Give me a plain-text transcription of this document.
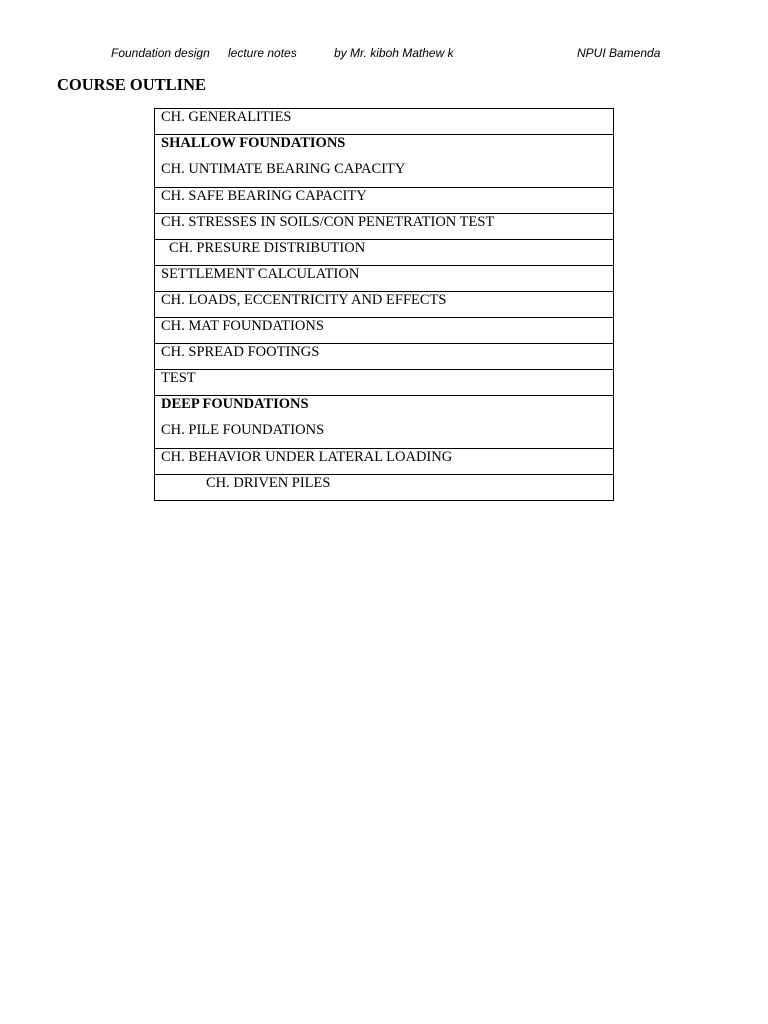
Foundation design lecture notes	by Mr. kiboh Mathew k	NPUI Bamenda
COURSE OUTLINE
CH. GENERALITIES

SHALLOW FOUNDATIONS
CH. UNTIMATE BEARING CAPACITY

CH. SAFE BEARING CAPACITY
CH. STRESSES IN SOILS/CON PENETRATION TEST
CH. PRESURE DISTRIBUTION
SETTLEMENT CALCULATION
CH. LOADS, ECCENTRICITY AND EFFECTS
CH. MAT FOUNDATIONS
CH. SPREAD FOOTINGS
TEST

DEEP FOUNDATIONS
CH. PILE FOUNDATIONS

CH. BEHAVIOR UNDER LATERAL LOADING
CH. DRIVEN PILES
